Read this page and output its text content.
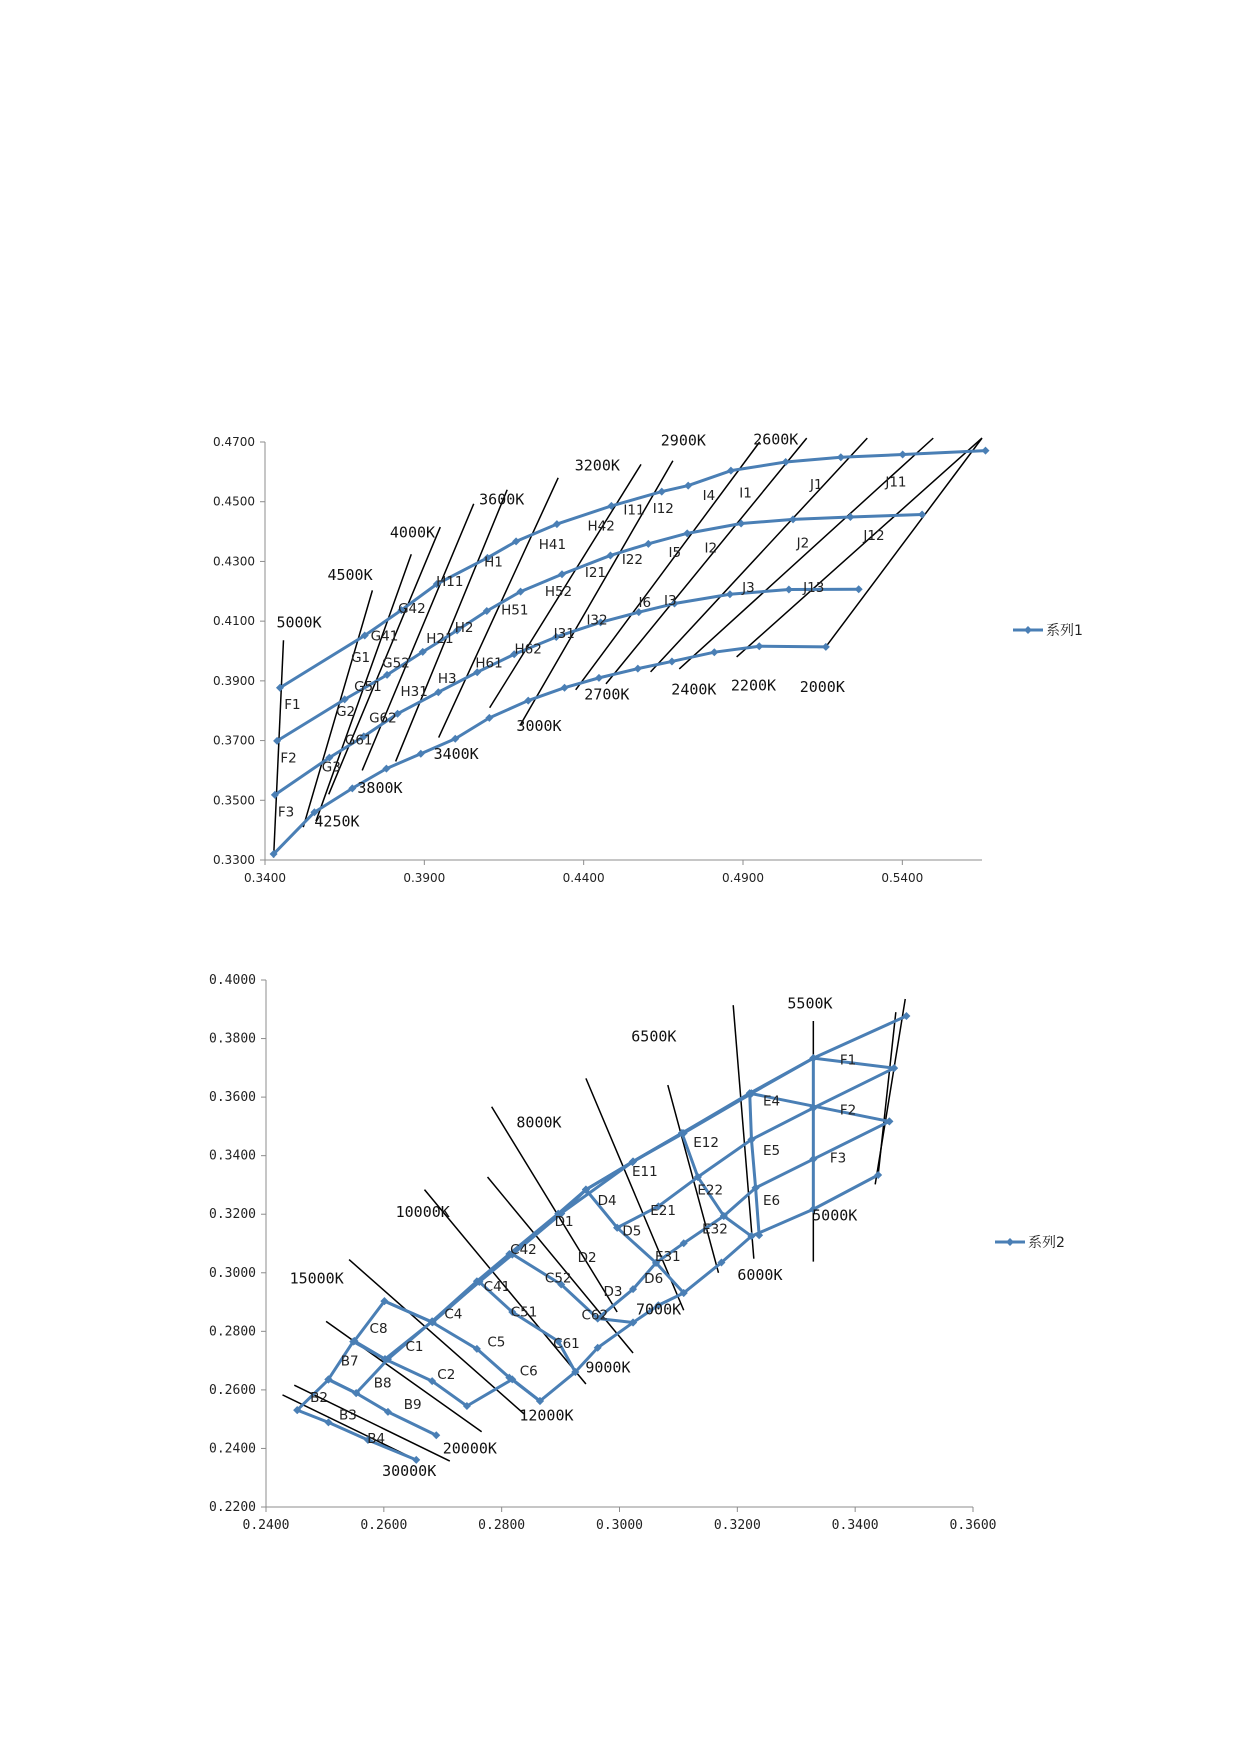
0.3300
0.3500
0.3700
0.3900
0.4100
0.4300
0.4500
0.4700
0.3400	0.3900	0.4400	0.4900	0.5400
5000K
4500K
4000K
3600K
3200K
2900K	2600K
4250K
3800K
3400K
3000K
2700K	2400K 2200K 2000K
F1
F2
F3
G1
G2
G3
G41
G42
G51
G52
G61
G62
H11
H1
H41
H42
H21
H2
H51
H52
H31
H3
H61
H62
I11 I12
I4 I1
I21
I22 I5 I2
I31
I32
I6 I3
J1	J11
J2	J12
J3	J13
系列1
0.2200
0.2400
0.2600
0.2800
0.3000
0.3200
0.3400
0.3600
0.3800
0.4000
0.2400	0.2600	0.2800	0.3000	0.3200	0.3400	0.3600
5500K
6500K
8000K
10000K
15000K
5000K
6000K
7000K
9000K
12000K
20000K
30000K
F1
F2
F3
E4
E5
E6
E12
E22
E32
E11
E21
E31
D4
D5
D6
D1
D2
D3
C42
C52
C62
C41
C51
C61
C4
C5
C6
C8
C1
C2
B7
B8
B9
B2
B3
B4
系列2
